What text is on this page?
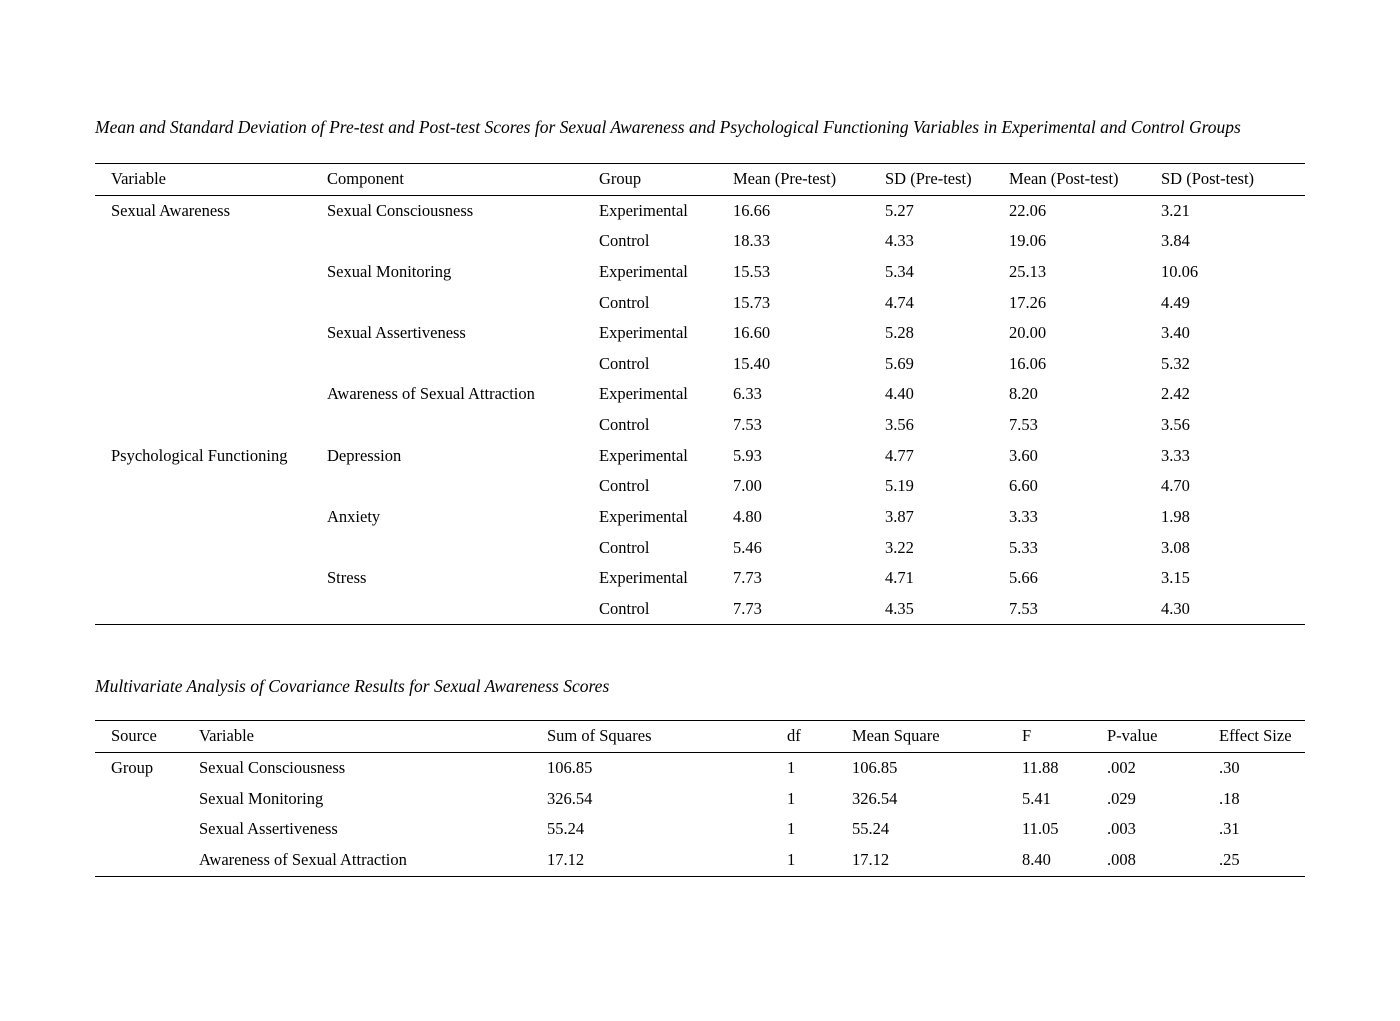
Mean and Standard Deviation of Pre-test and Post-test Scores for Sexual Awareness and Psychological Functioning Variables in Experimental and Control Groups
Variable	Component	Group	Mean (Pre-test)	SD (Pre-test)	Mean (Post-test)	SD (Post-test)
Sexual Awareness	Sexual Consciousness	Experimental	16.66	5.27	22.06	3.21
		Control	18.33	4.33	19.06	3.84
	Sexual Monitoring	Experimental	15.53	5.34	25.13	10.06
		Control	15.73	4.74	17.26	4.49
	Sexual Assertiveness	Experimental	16.60	5.28	20.00	3.40
		Control	15.40	5.69	16.06	5.32
	Awareness of Sexual Attraction	Experimental	6.33	4.40	8.20	2.42
		Control	7.53	3.56	7.53	3.56
Psychological Functioning	Depression	Experimental	5.93	4.77	3.60	3.33
		Control	7.00	5.19	6.60	4.70
	Anxiety	Experimental	4.80	3.87	3.33	1.98
		Control	5.46	3.22	5.33	3.08
	Stress	Experimental	7.73	4.71	5.66	3.15
		Control	7.73	4.35	7.53	4.30
Multivariate Analysis of Covariance Results for Sexual Awareness Scores
Source	Variable	Sum of Squares	df	Mean Square	F	P-value	Effect Size
Group	Sexual Consciousness	106.85	1	106.85	11.88	.002	.30
	Sexual Monitoring	326.54	1	326.54	5.41	.029	.18
	Sexual Assertiveness	55.24	1	55.24	11.05	.003	.31
	Awareness of Sexual Attraction	17.12	1	17.12	8.40	.008	.25
